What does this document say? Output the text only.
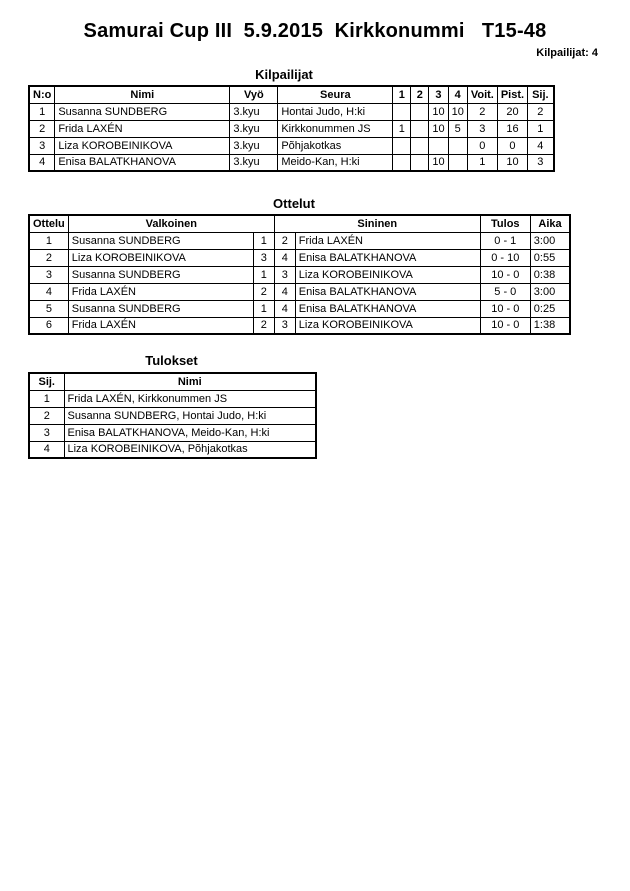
Samurai Cup III  5.9.2015  Kirkkonummi   T15-48
Kilpailijat: 4
Kilpailijat
N:o	Nimi	Vyö	Seura	1	2	3	4	Voit.	Pist.	Sij.
1	Susanna SUNDBERG	3.kyu	Hontai Judo, H:ki			10	10	2	20	2
2	Frida LAXÉN	3.kyu	Kirkkonummen JS	1		10	5	3	16	1
3	Liza KOROBEINIKOVA	3.kyu	Põhjakotkas					0	0	4
4	Enisa BALATKHANOVA	3.kyu	Meido-Kan, H:ki			10		1	10	3
Ottelut
Ottelu	Valkoinen		Sininen		Tulos	Aika
1	Susanna SUNDBERG	1	2	Frida LAXÉN	0 - 1	3:00
2	Liza KOROBEINIKOVA	3	4	Enisa BALATKHANOVA	0 - 10	0:55
3	Susanna SUNDBERG	1	3	Liza KOROBEINIKOVA	10 - 0	0:38
4	Frida LAXÉN	2	4	Enisa BALATKHANOVA	5 - 0	3:00
5	Susanna SUNDBERG	1	4	Enisa BALATKHANOVA	10 - 0	0:25
6	Frida LAXÉN	2	3	Liza KOROBEINIKOVA	10 - 0	1:38
Tulokset
Sij.	Nimi
1	Frida LAXÉN, Kirkkonummen JS
2	Susanna SUNDBERG, Hontai Judo, H:ki
3	Enisa BALATKHANOVA, Meido-Kan, H:ki
4	Liza KOROBEINIKOVA, Põhjakotkas
